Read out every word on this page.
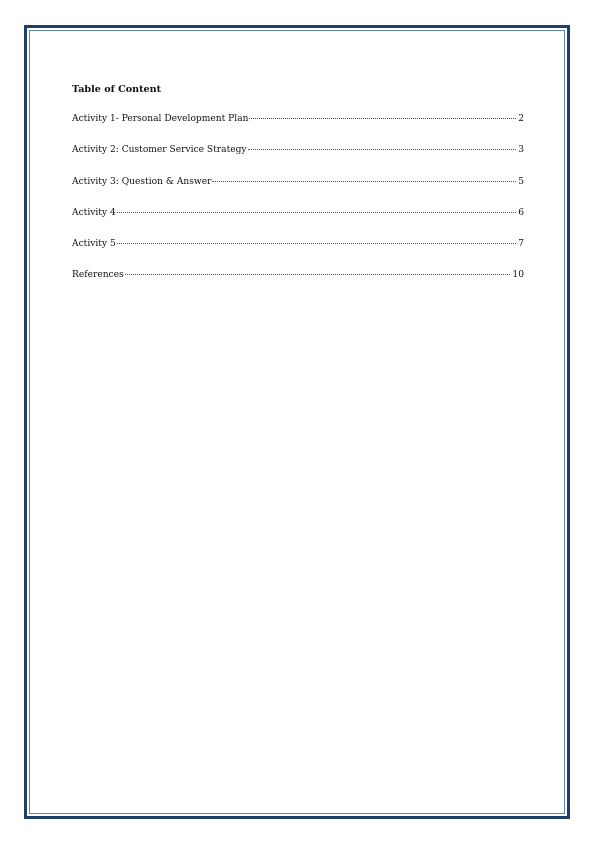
Table of Content
Activity 1- Personal Development Plan	2
Activity 2: Customer Service Strategy	3
Activity 3: Question & Answer	5
Activity 4	6
Activity 5	7
References	10
